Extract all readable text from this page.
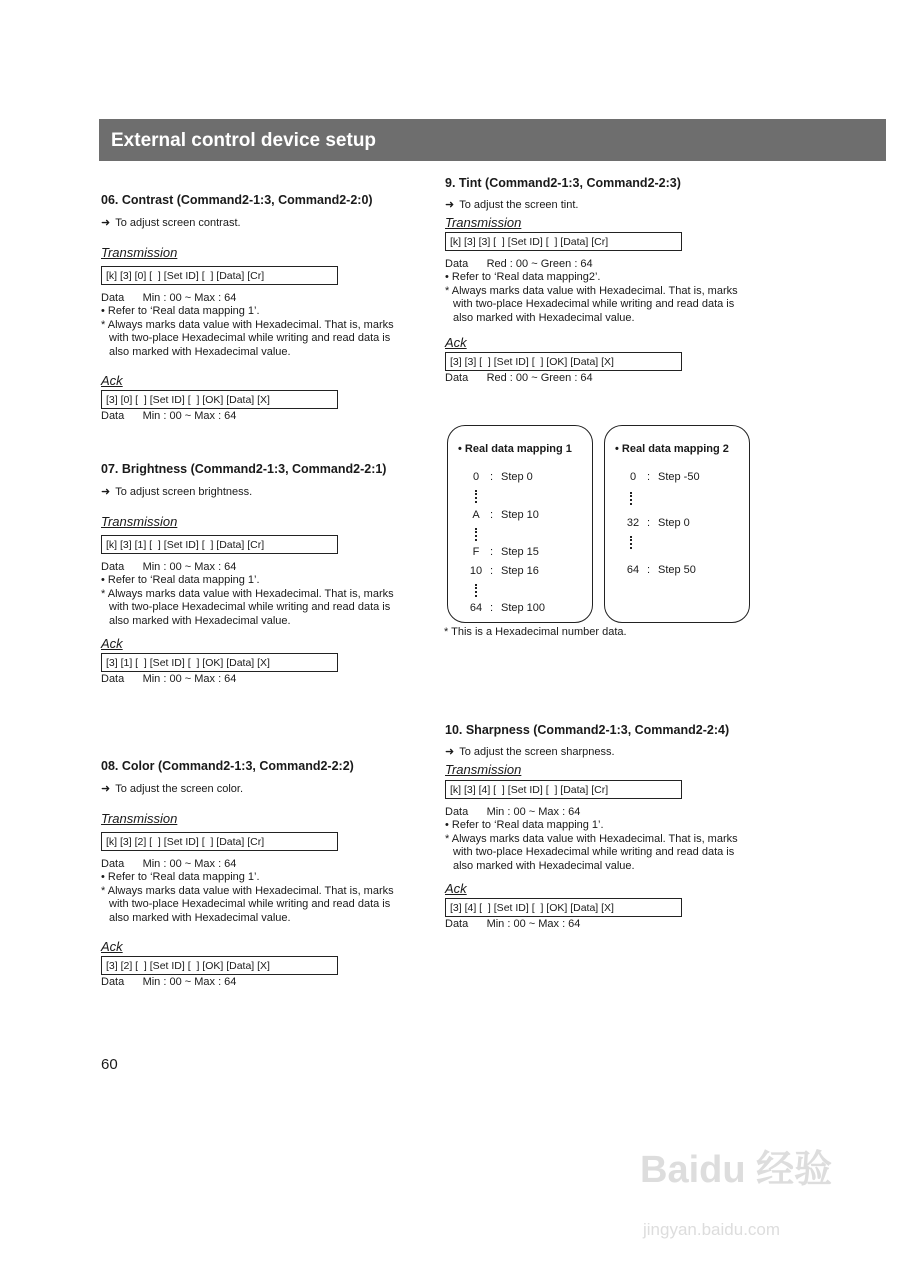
External control device setup
06. Contrast (Command2-1:3, Command2-2:0)
➜ To adjust screen contrast.
Transmission
[k] [3] [0] [  ] [Set ID] [  ] [Data] [Cr]
Data      Min : 00 ~ Max : 64
• Refer to ‘Real data mapping 1’.
* Always marks data value with Hexadecimal. That is, marks with two-place Hexadecimal while writing and read data is also marked with Hexadecimal value.
Ack
[3] [0] [  ] [Set ID] [  ] [OK] [Data] [X]
Data      Min : 00 ~ Max : 64
07. Brightness (Command2-1:3, Command2-2:1)
➜ To adjust screen brightness.
Transmission
[k] [3] [1] [  ] [Set ID] [  ] [Data] [Cr]
Data      Min : 00 ~ Max : 64
• Refer to ‘Real data mapping 1’.
* Always marks data value with Hexadecimal. That is, marks with two-place Hexadecimal while writing and read data is also marked with Hexadecimal value.
Ack
[3] [1] [  ] [Set ID] [  ] [OK] [Data] [X]
Data      Min : 00 ~ Max : 64
08. Color (Command2-1:3, Command2-2:2)
➜ To adjust the screen color.
Transmission
[k] [3] [2] [  ] [Set ID] [  ] [Data] [Cr]
Data      Min : 00 ~ Max : 64
• Refer to ‘Real data mapping 1’.
* Always marks data value with Hexadecimal. That is, marks with two-place Hexadecimal while writing and read data is also marked with Hexadecimal value.
Ack
[3] [2] [  ] [Set ID] [  ] [OK] [Data] [X]
Data      Min : 00 ~ Max : 64
9. Tint (Command2-1:3, Command2-2:3)
➜ To adjust the screen tint.
Transmission
[k] [3] [3] [  ] [Set ID] [  ] [Data] [Cr]
Data      Red : 00 ~ Green : 64
• Refer to ‘Real data mapping2’.
* Always marks data value with Hexadecimal. That is, marks with two-place Hexadecimal while writing and read data is also marked with Hexadecimal value.
Ack
[3] [3] [  ] [Set ID] [  ] [OK] [Data] [X]
Data      Red : 00 ~ Green : 64
10. Sharpness (Command2-1:3, Command2-2:4)
➜ To adjust the screen sharpness.
Transmission
[k] [3] [4] [  ] [Set ID] [  ] [Data] [Cr]
Data      Min : 00 ~ Max : 64
• Refer to ‘Real data mapping 1’.
* Always marks data value with Hexadecimal. That is, marks with two-place Hexadecimal while writing and read data is also marked with Hexadecimal value.
Ack
[3] [4] [  ] [Set ID] [  ] [OK] [Data] [X]
Data      Min : 00 ~ Max : 64
• Real data mapping 1
0 : Step 0
A : Step 10
F : Step 15
10 : Step 16
64 : Step 100
• Real data mapping 2
0 : Step -50
32 : Step 0
64 : Step 50
* This is a Hexadecimal number data.
60
Baidu 经验
jingyan.baidu.com
